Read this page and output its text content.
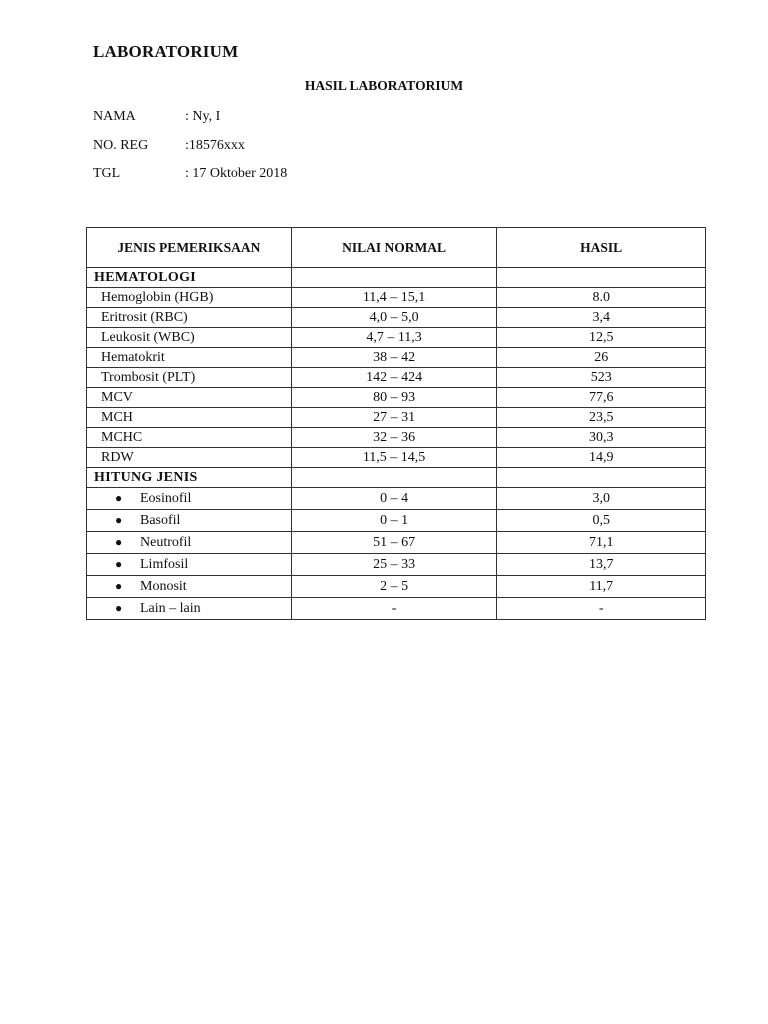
LABORATORIUM
HASIL LABORATORIUM
NAMA	: Ny, I
NO. REG	:18576xxx
TGL	: 17 Oktober 2018
JENIS PEMERIKSAAN	NILAI NORMAL	HASIL
HEMATOLOGI		
Hemoglobin (HGB)	11,4 – 15,1	8.0
Eritrosit (RBC)	4,0 – 5,0	3,4
Leukosit (WBC)	4,7 – 11,3	12,5
Hematokrit	38 – 42	26
Trombosit (PLT)	142 – 424	523
MCV	80 – 93	77,6
MCH	27 – 31	23,5
MCHC	32 – 36	30,3
RDW	11,5 – 14,5	14,9
HITUNG JENIS		
● Eosinofil	0 – 4	3,0
● Basofil	0 – 1	0,5
● Neutrofil	51 – 67	71,1
● Limfosil	25 – 33	13,7
● Monosit	2 – 5	11,7
● Lain – lain	-	-
